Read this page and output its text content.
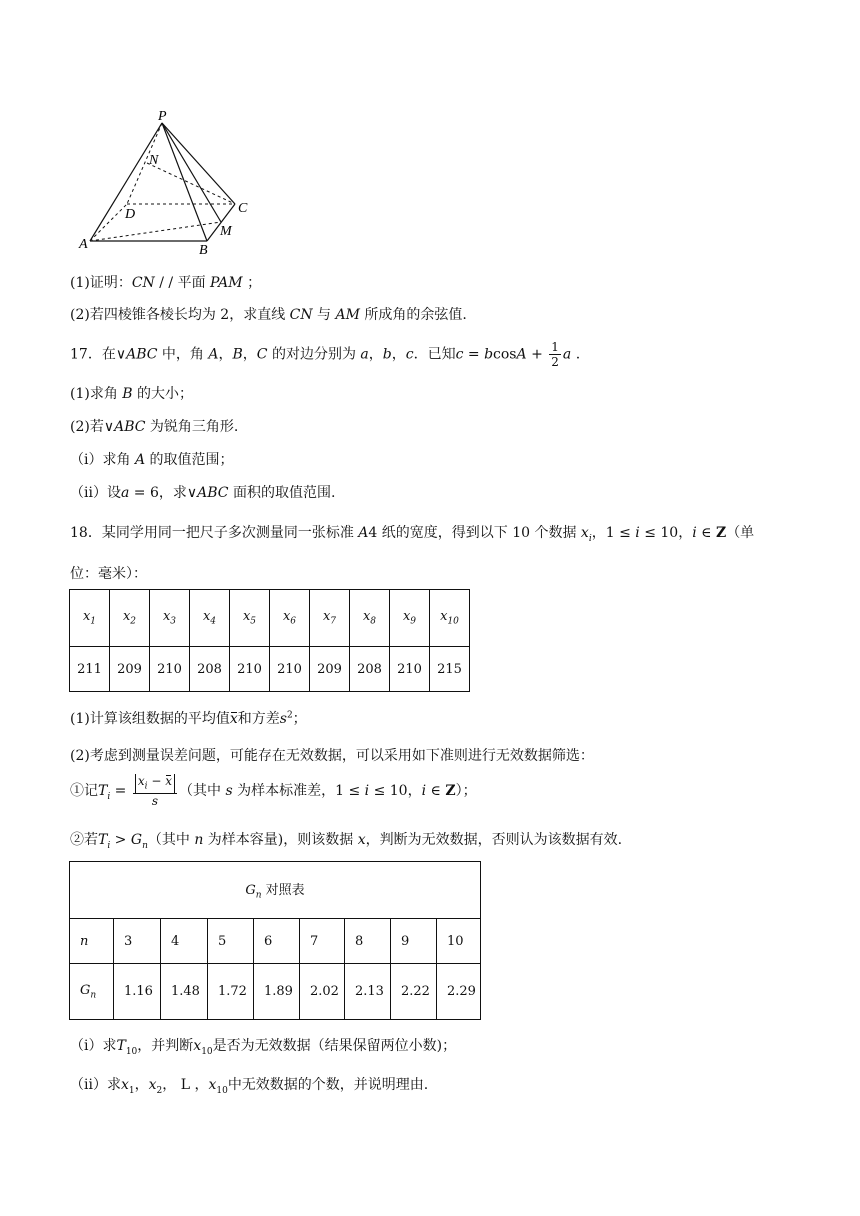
P
N
D	C
M
A	B
(1)证明：CN / / 平面 PAM ；
(2)若四棱锥各棱长均为 2，求直线 CN 与 AM 所成角的余弦值.
17．在∨ABC 中，角 A，B，C 的对边分别为 a，b，c．已知$c = bcosA + \frac{1}{2}$ a .
(1)求角 B 的大小；
(2)若∨ABC 为锐角三角形.
（ⅰ）求角 A 的取值范围；
（ⅱ）设a = 6，求∨ABC 面积的取值范围.
18．某同学用同一把尺子多次测量同一张标准 A4 纸的宽度，得到以下 10 个数据 $x_i$，1 ≤ i ≤ 10，i ∈ Z（单
位：毫米）：
$x_1$	$x_2$	$x_3$	$x_4$	$x_5$	$x_6$	$x_7$	$x_8$	$x_9$	$x_{10}$
211	209	210	208	210	210	209	208	210	215
(1)计算该组数据的平均值x和方差$s^2$；
(2)考虑到测量误差问题，可能存在无效数据，可以采用如下准则进行无效数据筛选：
①记$T_i = \frac{x_i - x}{s}$ （其中 s 为样本标准差，1 ≤ i ≤ 10，i ∈ Z）；
②若$T_i > G_n$（其中 n 为样本容量)，则该数据 x，判断为无效数据，否则认为该数据有效.
$G_n$ 对照表								
n	3	4	5	6	7	8	9	10
$G_n$	1.16	1.48	1.72	1.89	2.02	2.13	2.22	2.29
（ⅰ）求$T_{10}$，并判断$x_{10}$是否为无效数据（结果保留两位小数)；
（ⅱ）求$x_1$，$x_2$， L ，$x_{10}$中无效数据的个数，并说明理由.
